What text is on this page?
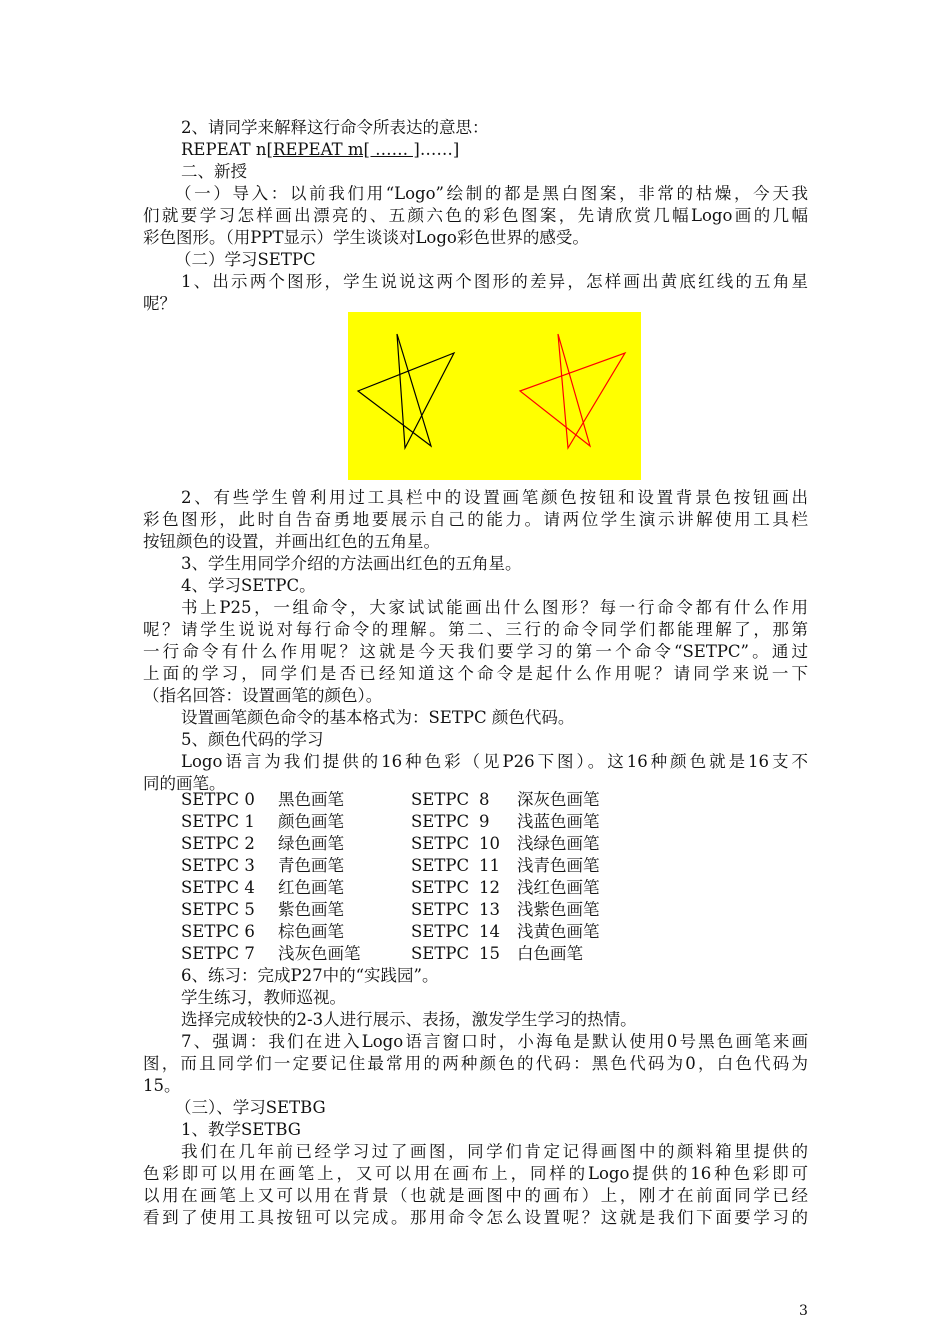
2、请同学来解释这行命令所表达的意思：
REPEAT n[REPEAT m[ …… ]……]
二、新授
（一）导入：以前我们用“Logo”绘制的都是黑白图案，非常的枯燥，今天我
们就要学习怎样画出漂亮的、五颜六色的彩色图案，先请欣赏几幅Logo画的几幅
彩色图形。（用PPT显示）学生谈谈对Logo彩色世界的感受。
（二）学习SETPC
1、出示两个图形，学生说说这两个图形的差异，怎样画出黄底红线的五角星
呢？
2、有些学生曾利用过工具栏中的设置画笔颜色按钮和设置背景色按钮画出
彩色图形，此时自告奋勇地要展示自己的能力。请两位学生演示讲解使用工具栏
按钮颜色的设置，并画出红色的五角星。
3、学生用同学介绍的方法画出红色的五角星。
4、学习SETPC。
书上P25，一组命令，大家试试能画出什么图形？每一行命令都有什么作用
呢？请学生说说对每行命令的理解。第二、三行的命令同学们都能理解了，那第
一行命令有什么作用呢？这就是今天我们要学习的第一个命令“SETPC”。通过
上面的学习，同学们是否已经知道这个命令是起什么作用呢？请同学来说一下
（指名回答：设置画笔的颜色）。
设置画笔颜色命令的基本格式为：SETPC 颜色代码。
5、颜色代码的学习
Logo语言为我们提供的16种色彩（见P26下图）。这16种颜色就是16支不
同的画笔。
SETPC 0 黑色画笔	SETPC 8 深灰色画笔
SETPC 1 颜色画笔	SETPC 9 浅蓝色画笔
SETPC 2 绿色画笔	SETPC 10 浅绿色画笔
SETPC 3 青色画笔	SETPC 11 浅青色画笔
SETPC 4 红色画笔	SETPC 12 浅红色画笔
SETPC 5 紫色画笔	SETPC 13 浅紫色画笔
SETPC 6 棕色画笔	SETPC 14 浅黄色画笔
SETPC 7 浅灰色画笔	SETPC 15 白色画笔
6、练习：完成P27中的“实践园”。
学生练习，教师巡视。
选择完成较快的2-3人进行展示、表扬，激发学生学习的热情。
7、强调：我们在进入Logo语言窗口时，小海龟是默认使用0号黑色画笔来画
图，而且同学们一定要记住最常用的两种颜色的代码：黑色代码为0，白色代码为
15。
（三）、学习SETBG
1、教学SETBG
我们在几年前已经学习过了画图，同学们肯定记得画图中的颜料箱里提供的
色彩即可以用在画笔上，又可以用在画布上，同样的Logo提供的16种色彩即可
以用在画笔上又可以用在背景（也就是画图中的画布）上，刚才在前面同学已经
看到了使用工具按钮可以完成。那用命令怎么设置呢？这就是我们下面要学习的
3
